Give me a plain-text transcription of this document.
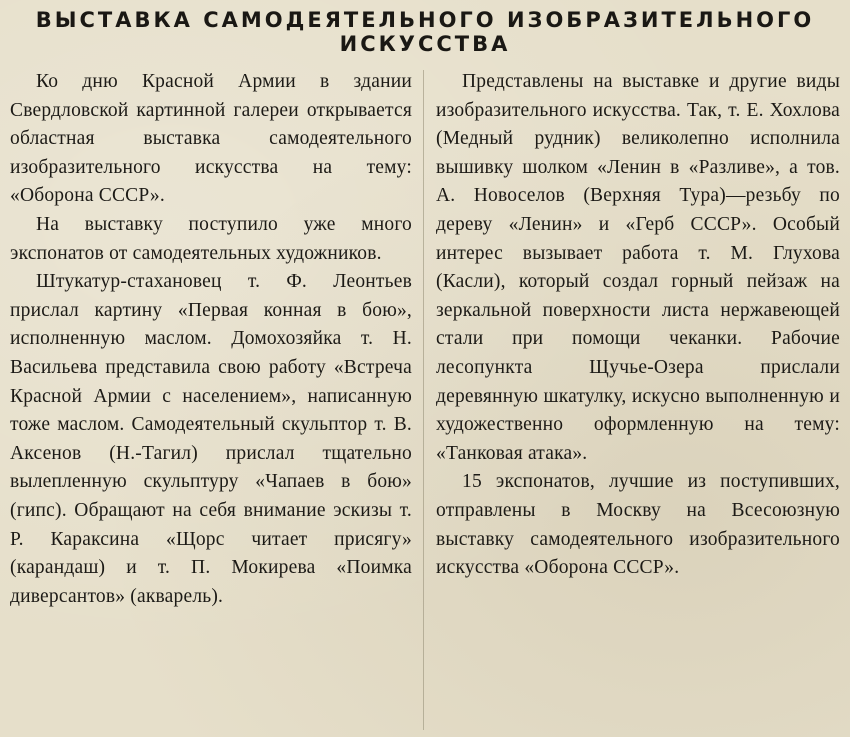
ВЫСТАВКА САМОДЕЯТЕЛЬНОГО ИЗОБРАЗИТЕЛЬНОГО
ИСКУССТВА

Ко дню Красной Армии в здании Свердловской картинной галереи открывается областная выставка самодеятельного изобразительного искусства на тему: «Оборона СССР».

На выставку поступило уже много экспонатов от самодеятельных художников.

Штукатур-стахановец т. Ф. Леонтьев прислал картину «Первая конная в бою», исполненную маслом. Домохозяйка т. Н. Васильева представила свою работу «Встреча Красной Армии с населением», написанную тоже маслом. Самодеятельный скульптор т. В. Аксенов (Н.-Тагил) прислал тщательно вылепленную скульптуру «Чапаев в бою» (гипс). Обращают на себя внимание эскизы т. Р. Караксина «Щорс читает присягу» (карандаш) и т. П. Мокирева «Поимка диверсантов» (акварель).

Представлены на выставке и другие виды изобразительного искусства. Так, т. Е. Хохлова (Медный рудник) великолепно исполнила вышивку шолком «Ленин в «Разливе», а тов. А. Новоселов (Верхняя Тура)—резьбу по дереву «Ленин» и «Герб СССР». Особый интерес вызывает работа т. М. Глухова (Касли), который создал горный пейзаж на зеркальной поверхности листа нержавеющей стали при помощи чеканки. Рабочие лесопункта Щучье-Озера прислали деревянную шкатулку, искусно выполненную и художественно оформленную на тему: «Танковая атака».

15 экспонатов, лучшие из поступивших, отправлены в Москву на Всесоюзную выставку самодеятельного изобразительного искусства «Оборона СССР».
